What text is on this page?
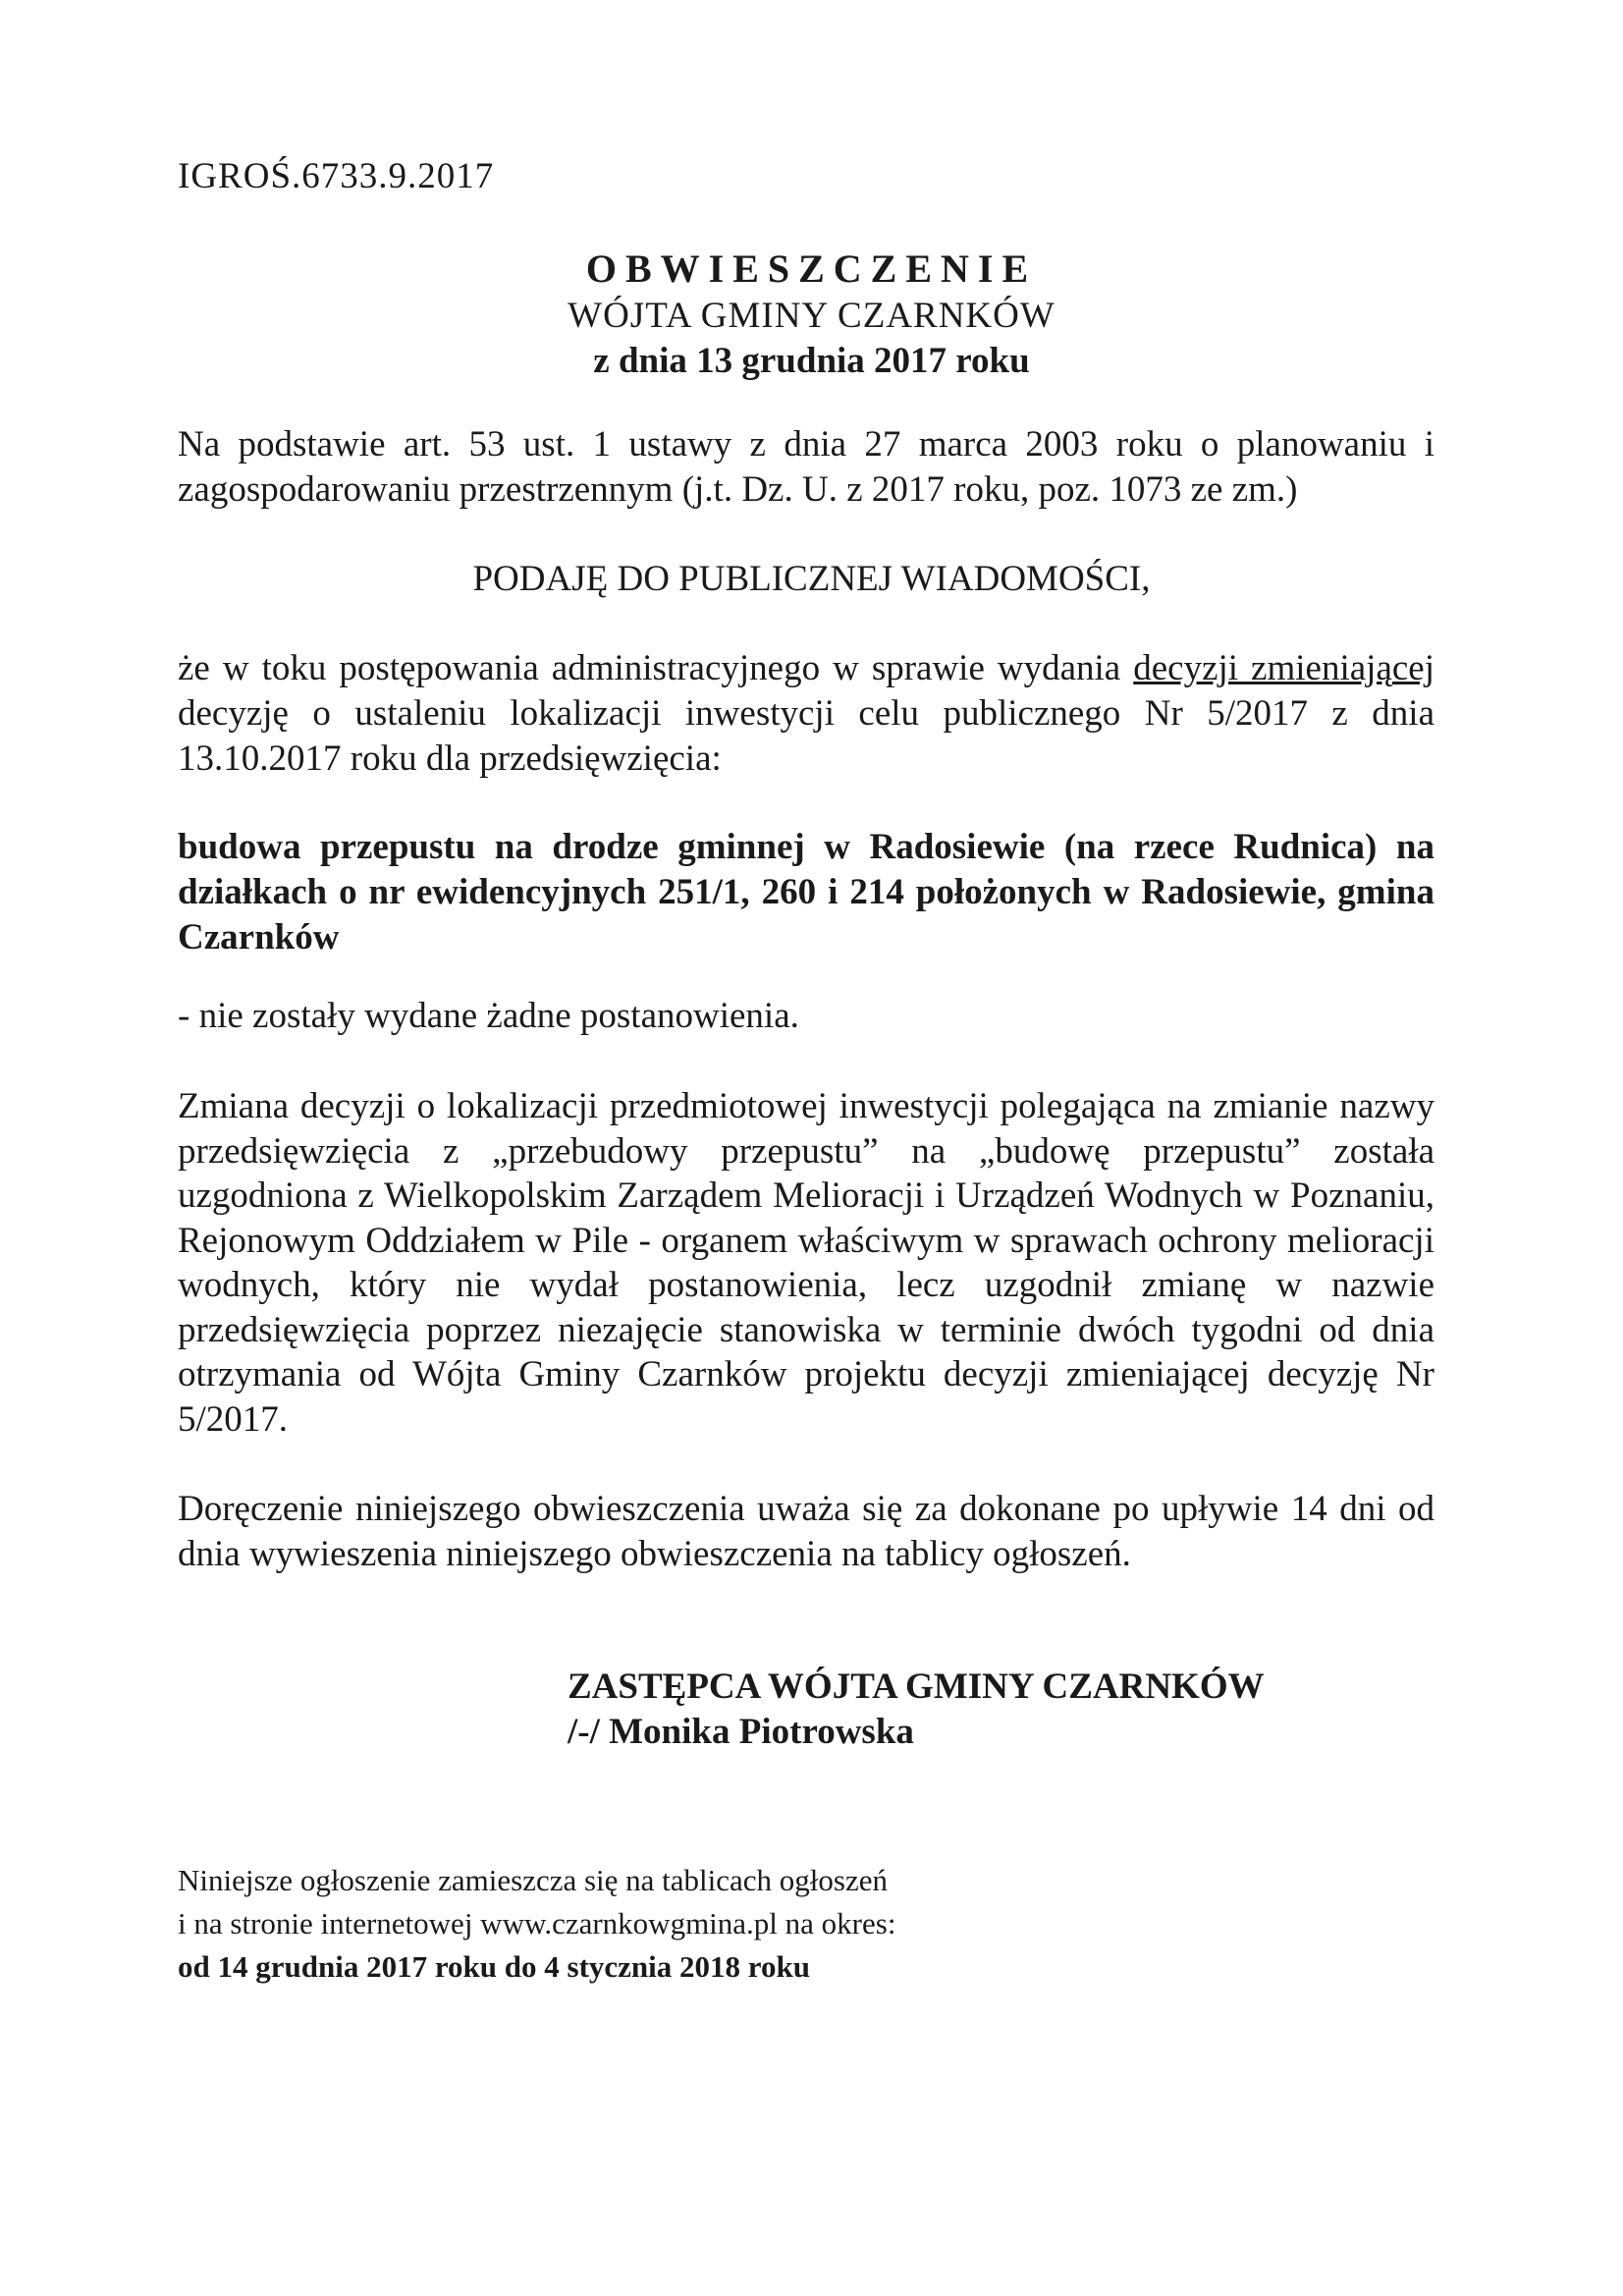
IGROŚ.6733.9.2017
OBWIESZCZENIE
WÓJTA GMINY CZARNKÓW
z dnia 13 grudnia 2017 roku
Na podstawie art. 53 ust. 1 ustawy z dnia 27 marca 2003 roku o planowaniu i zagospodarowaniu przestrzennym (j.t. Dz. U. z 2017 roku, poz. 1073 ze zm.)
PODAJĘ DO PUBLICZNEJ WIADOMOŚCI,
że w toku postępowania administracyjnego w sprawie wydania decyzji zmieniającej decyzję o ustaleniu lokalizacji inwestycji celu publicznego Nr 5/2017 z dnia 13.10.2017 roku dla przedsięwzięcia:
budowa przepustu na drodze gminnej w Radosiewie (na rzece Rudnica) na działkach o nr ewidencyjnych 251/1, 260 i 214 położonych w Radosiewie, gmina Czarnków
- nie zostały wydane żadne postanowienia.
Zmiana decyzji o lokalizacji przedmiotowej inwestycji polegająca na zmianie nazwy przedsięwzięcia z „przebudowy przepustu” na „budowę przepustu” została uzgodniona z Wielkopolskim Zarządem Melioracji i Urządzeń Wodnych w Poznaniu, Rejonowym Oddziałem w Pile - organem właściwym w sprawach ochrony melioracji wodnych, który nie wydał postanowienia, lecz uzgodnił zmianę w nazwie przedsięwzięcia poprzez niezajęcie stanowiska w terminie dwóch tygodni od dnia otrzymania od Wójta Gminy Czarnków projektu decyzji zmieniającej decyzję Nr 5/2017.
Doręczenie niniejszego obwieszczenia uważa się za dokonane po upływie 14 dni od dnia wywieszenia niniejszego obwieszczenia na tablicy ogłoszeń.
ZASTĘPCA WÓJTA GMINY CZARNKÓW
/-/ Monika Piotrowska
Niniejsze ogłoszenie zamieszcza się na tablicach ogłoszeń
i na stronie internetowej www.czarnkowgmina.pl na okres:
od 14 grudnia 2017 roku do 4 stycznia 2018 roku
